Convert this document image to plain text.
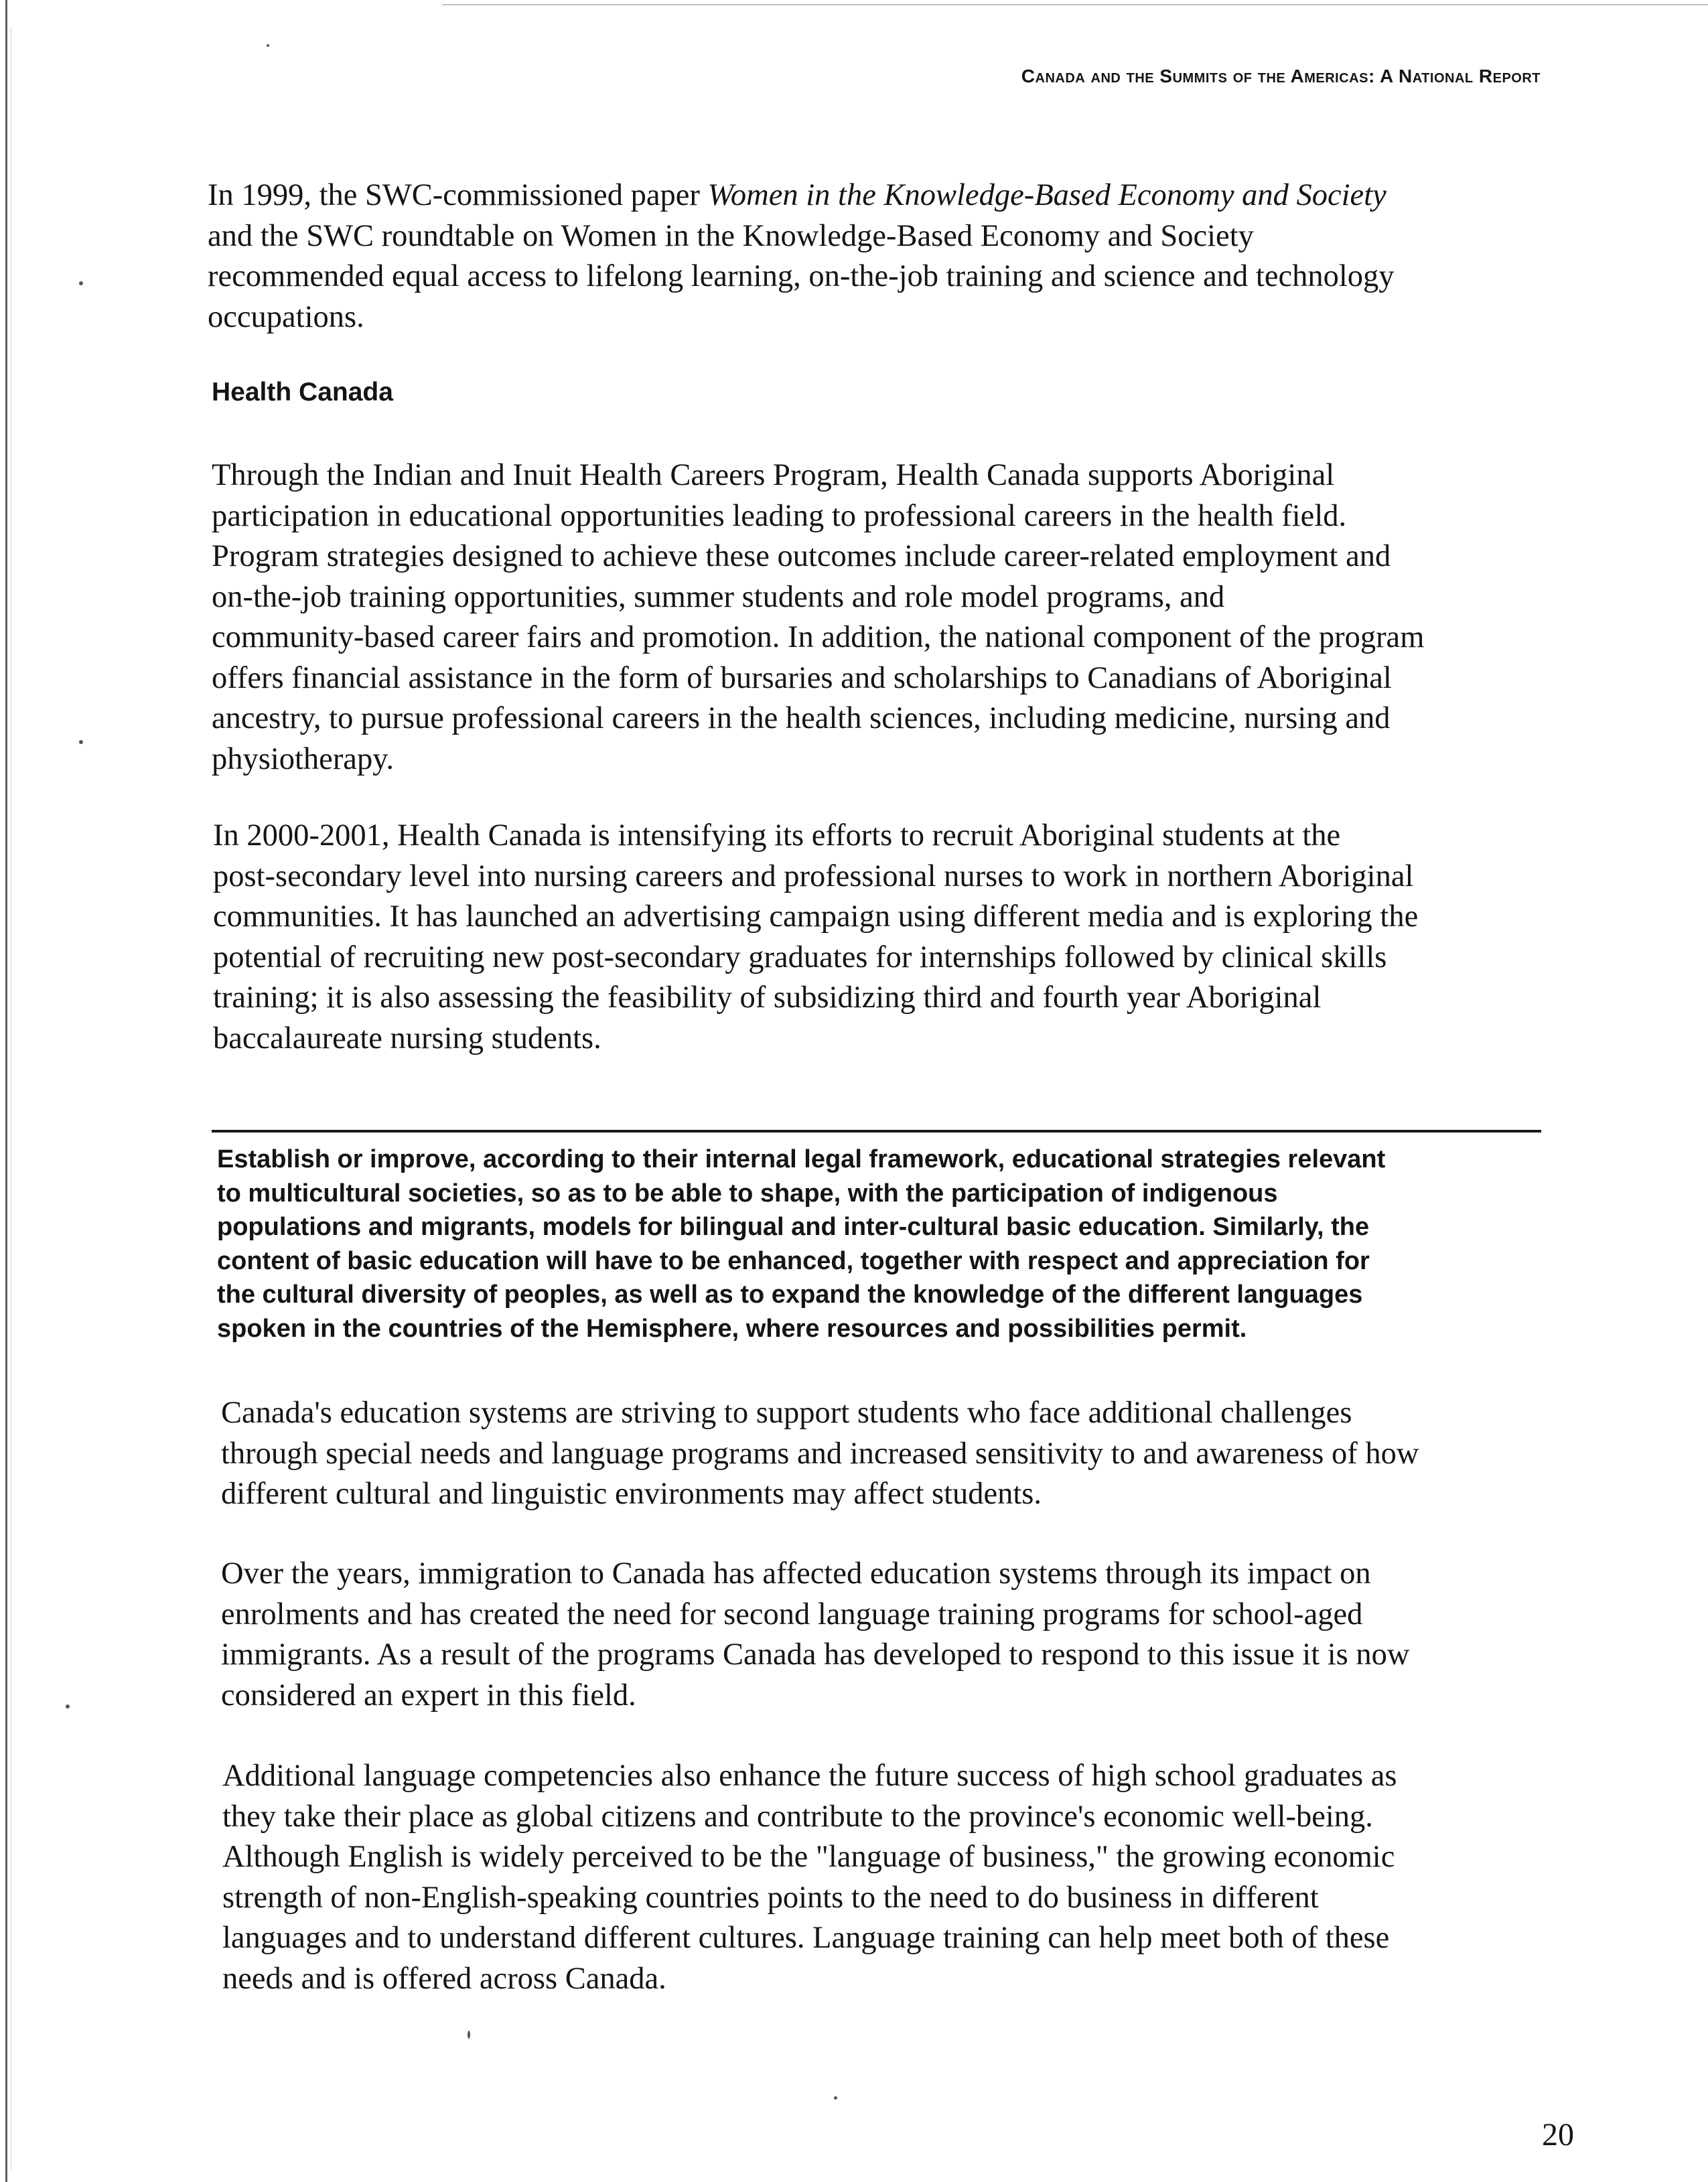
Canada and the Summits of the Americas: A National Report
In 1999, the SWC-commissioned paper Women in the Knowledge-Based Economy and Society
and the SWC roundtable on Women in the Knowledge-Based Economy and Society
recommended equal access to lifelong learning, on-the-job training and science and technology
occupations.
Health Canada
Through the Indian and Inuit Health Careers Program, Health Canada supports Aboriginal
participation in educational opportunities leading to professional careers in the health field.
Program strategies designed to achieve these outcomes include career-related employment and
on-the-job training opportunities, summer students and role model programs, and
community-based career fairs and promotion. In addition, the national component of the program
offers financial assistance in the form of bursaries and scholarships to Canadians of Aboriginal
ancestry, to pursue professional careers in the health sciences, including medicine, nursing and
physiotherapy.
In 2000-2001, Health Canada is intensifying its efforts to recruit Aboriginal students at the
post-secondary level into nursing careers and professional nurses to work in northern Aboriginal
communities. It has launched an advertising campaign using different media and is exploring the
potential of recruiting new post-secondary graduates for internships followed by clinical skills
training; it is also assessing the feasibility of subsidizing third and fourth year Aboriginal
baccalaureate nursing students.
Establish or improve, according to their internal legal framework, educational strategies relevant
to multicultural societies, so as to be able to shape, with the participation of indigenous
populations and migrants, models for bilingual and inter-cultural basic education. Similarly, the
content of basic education will have to be enhanced, together with respect and appreciation for
the cultural diversity of peoples, as well as to expand the knowledge of the different languages
spoken in the countries of the Hemisphere, where resources and possibilities permit.
Canada's education systems are striving to support students who face additional challenges
through special needs and language programs and increased sensitivity to and awareness of how
different cultural and linguistic environments may affect students.
Over the years, immigration to Canada has affected education systems through its impact on
enrolments and has created the need for second language training programs for school-aged
immigrants. As a result of the programs Canada has developed to respond to this issue it is now
considered an expert in this field.
Additional language competencies also enhance the future success of high school graduates as
they take their place as global citizens and contribute to the province's economic well-being.
Although English is widely perceived to be the "language of business," the growing economic
strength of non-English-speaking countries points to the need to do business in different
languages and to understand different cultures. Language training can help meet both of these
needs and is offered across Canada.
20
